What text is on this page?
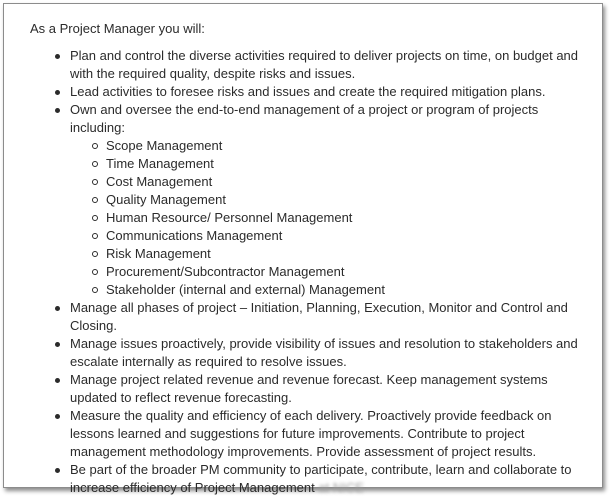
As a Project Manager you will:

Plan and control the diverse activities required to deliver projects on time, on budget and with the required quality, despite risks and issues.
Lead activities to foresee risks and issues and create the required mitigation plans.
Own and oversee the end-to-end management of a project or program of projects including:
Scope Management
Time Management
Cost Management
Quality Management
Human Resource/ Personnel Management
Communications Management
Risk Management
Procurement/Subcontractor Management
Stakeholder (internal and external) Management
Manage all phases of project – Initiation, Planning, Execution, Monitor and Control and Closing.
Manage issues proactively, provide visibility of issues and resolution to stakeholders and escalate internally as required to resolve issues.
Manage project related revenue and revenue forecast. Keep management systems updated to reflect revenue forecasting.
Measure the quality and efficiency of each delivery. Proactively provide feedback on lessons learned and suggestions for future improvements. Contribute to project management methodology improvements. Provide assessment of project results.
Be part of the broader PM community to participate, contribute, learn and collaborate to increase efficiency of Project Management at NICE
